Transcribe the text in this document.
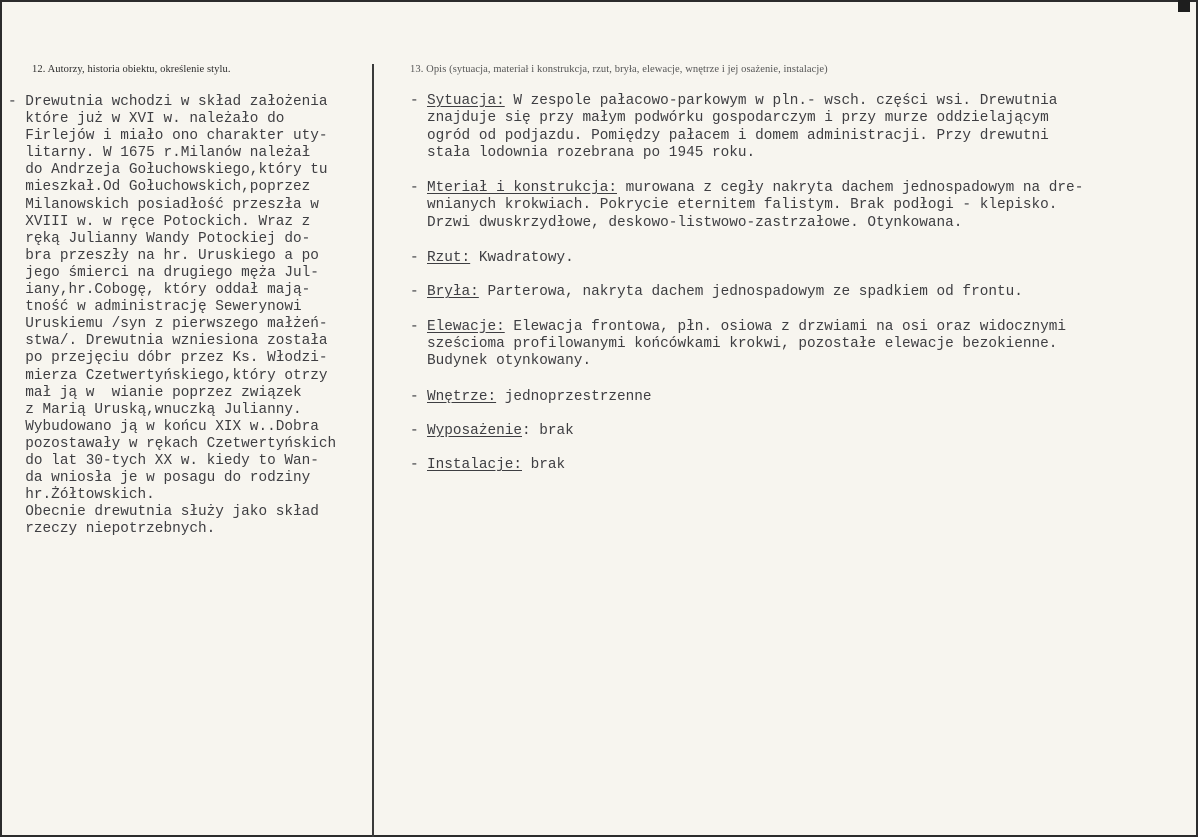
12. Autorzy, historia obiektu, określenie stylu.	13. Opis (sytuacja, materiał i konstrukcja, rzut, bryła, elewacje, wnętrze i jej osażenie, instalacje)
- Drewutnia wchodzi w skład założenia
które już w XVI w. należało do
Firlejów i miało ono charakter uty-
litarny. W 1675 r.Milanów należał
do Andrzeja Gołuchowskiego,który tu
mieszkał.Od Gołuchowskich,poprzez
Milanowskich posiadłość przeszła w
XVIII w. w ręce Potockich. Wraz z
ręką Julianny Wandy Potockiej do-
bra przeszły na hr. Uruskiego a po
jego śmierci na drugiego męża Jul-
iany,hr.Cobogę, który oddał mają-
tność w administrację Sewerynowi
Uruskiemu /syn z pierwszego małżeń-
stwa/. Drewutnia wzniesiona została
po przejęciu dóbr przez Ks. Włodzi-
mierza Czetwertyńskiego,który otrzy
mał ją w  wianie poprzez związek
z Marią Uruską,wnuczką Julianny.
Wybudowano ją w końcu XIX w..Dobra
pozostawały w rękach Czetwertyńskich
do lat 30-tych XX w. kiedy to Wan-
da wniosła je w posagu do rodziny
hr.Żółtowskich.
Obecnie drewutnia służy jako skład
rzeczy niepotrzebnych.
- Sytuacja: W zespole pałacowo-parkowym w pln.- wsch. części wsi. Drewutnia
znajduje się przy małym podwórku gospodarczym i przy murze oddzielającym
ogród od podjazdu. Pomiędzy pałacem i domem administracji. Przy drewutni
stała lodownia rozebrana po 1945 roku.
- Mteriał i konstrukcja: murowana z cegły nakryta dachem jednospadowym na dre-
wnianych krokwiach. Pokrycie eternitem falistym. Brak podłogi - klepisko.
Drzwi dwuskrzydłowe, deskowo-listwowo-zastrzałowe. Otynkowana.
- Rzut: Kwadratowy.
- Bryła: Parterowa, nakryta dachem jednospadowym ze spadkiem od frontu.
- Elewacje: Elewacja frontowa, płn. osiowa z drzwiami na osi oraz widocznymi
sześcioma profilowanymi końcówkami krokwi, pozostałe elewacje bezokienne.
Budynek otynkowany.
- Wnętrze: jednoprzestrzenne
- Wyposażenie: brak
- Instalacje: brak
